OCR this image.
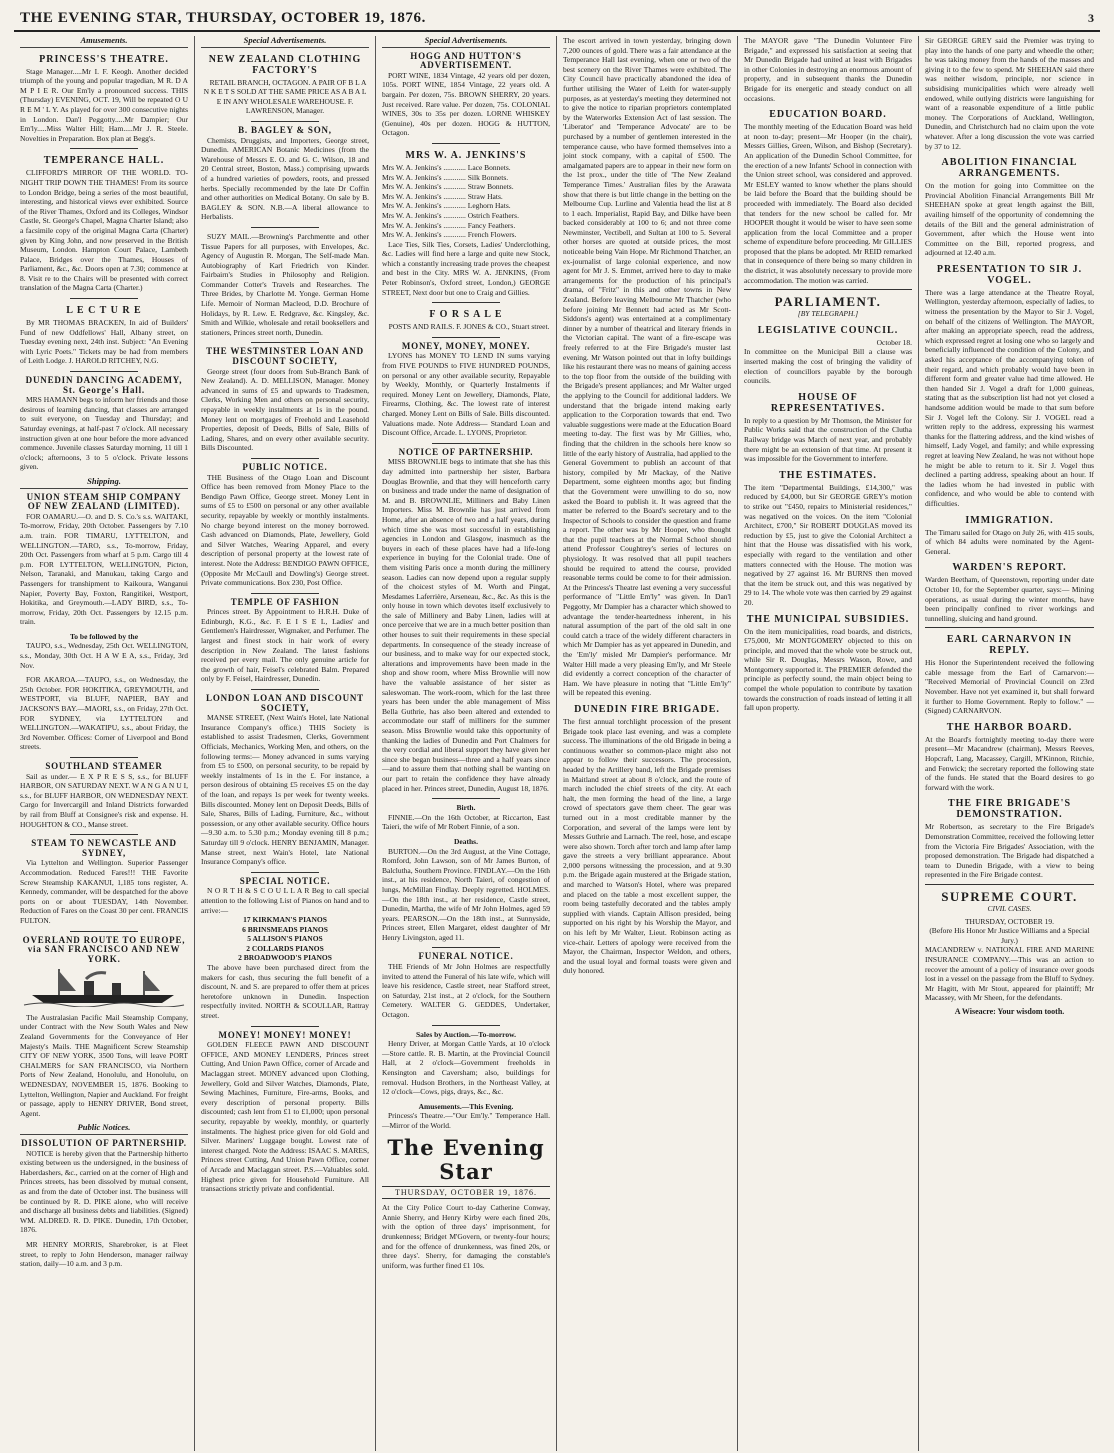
THE EVENING STAR, THURSDAY, OCTOBER 19, 1876.	3
Amusements.
PRINCESS'S THEATRE.

Stage Manager.....Mr I. F. Keogh. Another decided triumph of the young and popular tragedian, M R. D A M P I E R. Our Em'ly a pronounced success. THIS (Thursday) EVENING, OCT. 19, Will be repeated O U R E M ' L Y. As played for over 300 consecutive nights in London. Dan'l Peggotty.....Mr Dampier; Our Em'ly.....Miss Walter Hill; Ham.....Mr J. R. Steele. Novelties in Preparation. Box plan at Begg's.

TEMPERANCE HALL.

CLIFFORD'S MIRROR OF THE WORLD. TO-NIGHT TRIP DOWN THE THAMES! From its source to London Bridge, being a series of the most beautiful, interesting, and historical views ever exhibited. Source of the River Thames, Oxford and its Colleges, Windsor Castle, St. George's Chapel, Magna Charter Island; also a facsimile copy of the original Magna Carta (Charter) given by King John, and now preserved in the British Museum, London. Hampton Court Palace, Lambeth Palace, Bridges over the Thames, Houses of Parliament, &c., &c. Doors open at 7.30; commence at 8. Visit re to the Chairs will be presented with correct translation of the Magna Carta (Charter.)

L E C T U R E

By MR THOMAS BRACKEN, In aid of Builders' Fund of new Oddfellows' Hall, Albany street, on Tuesday evening next, 24th inst. Subject: "An Evening with Lyric Poets." Tickets may be had from members of Leith Lodge. J. HAROLD RITCHEY, N.G.

DUNEDIN DANCING ACADEMY, St. George's Hall.

MRS HAMANN begs to inform her friends and those desirous of learning dancing, that classes are arranged to suit everyone, on Tuesday and Thursday; and Saturday evenings, at half-past 7 o'clock. All necessary instruction given at one hour before the more advanced commence. Juvenile classes Saturday morning, 11 till 1 o'clock; afternoons, 3 to 5 o'clock. Private lessons given.

Shipping.
UNION STEAM SHIP COMPANY OF NEW ZEALAND (LIMITED).

FOR OAMARU.—O. and D. S. Co.'s s.s. WAITAKI, To-morrow, Friday, 20th October. Passengers by 7.10 a.m. train. FOR TIMARU, LYTTELTON, and WELLINGTON.—TARO, s.s., To-morrow, Friday, 20th Oct. Passengers from wharf at 5 p.m. Cargo till 4 p.m. FOR LYTTELTON, WELLINGTON, Picton, Nelson, Taranaki, and Manukau, taking Cargo and Passengers for transhipment to Kaikoura, Wanganui Napier, Poverty Bay, Foxton, Rangitikei, Westport, Hokitika, and Greymouth.—LADY BIRD, s.s., To-morrow, Friday, 20th Oct. Passengers by 12.15 p.m. train.

To be followed by the

TAUPO, s.s., Wednesday, 25th Oct. WELLINGTON, s.s., Monday, 30th Oct. H A W E A, s.s., Friday, 3rd Nov.

FOR AKAROA.—TAUPO, s.s., on Wednesday, the 25th October. FOR HOKITIKA, GREYMOUTH, and WESTPORT, via BLUFF, NAPIER, BAY and JACKSON'S BAY.—MAORI, s.s., on Friday, 27th Oct. FOR SYDNEY, via LYTTELTON and WELLINGTON.—WAKATIPU, s.s., about Friday, the 3rd November. Offices: Corner of Liverpool and Bond streets.

SOUTHLAND STEAMER

Sail as under.— E X P R E S S, s.s., for BLUFF HARBOR, ON SATURDAY NEXT. W A N G A N U I, s.s., for BLUFF HARBOR, ON WEDNESDAY NEXT. Cargo for Invercargill and Inland Districts forwarded by rail from Bluff at Consignee's risk and expense. H. HOUGHTON & CO., Manse street.

STEAM TO NEWCASTLE AND SYDNEY,

Via Lyttelton and Wellington. Superior Passenger Accommodation. Reduced Fares!!! THE Favorite Screw Steamship KAKANUI, 1,185 tons register, A. Kennedy, commander, will be despatched for the above ports on or about TUESDAY, 14th November. Reduction of Fares on the Coast 30 per cent. FRANCIS FULTON.

OVERLAND ROUTE TO EUROPE, via SAN FRANCISCO AND NEW YORK.

The Australasian Pacific Mail Steamship Company, under Contract with the New South Wales and New Zealand Governments for the Conveyance of Her Majesty's Mails. THE Magnificent Screw Steamship CITY OF NEW YORK, 3500 Tons, will leave PORT CHALMERS for SAN FRANCISCO, via Northern Ports of New Zealand, Honolulu, and Honolulu, on WEDNESDAY, NOVEMBER 15, 1876. Booking to Lyttelton, Wellington, Napier and Auckland. For freight or passage, apply to HENRY DRIVER, Bond street, Agent.

Public Notices.
DISSOLUTION OF PARTNERSHIP.

NOTICE is hereby given that the Partnership hitherto existing between us the undersigned, in the business of Haberdashers, &c., carried on at the corner of High and Princes streets, has been dissolved by mutual consent, as and from the date of October inst. The business will be continued by R. D. PIKE alone, who will receive and discharge all business debts and liabilities. (Signed) WM. ALDRED. R. D. PIKE. Dunedin, 17th October, 1876.

MR HENRY MORRIS, Sharebroker, is at Fleet street, to reply to John Henderson, manager railway station, daily—10 a.m. and 3 p.m.

Special Advertisements.
NEW ZEALAND CLOTHING FACTORY'S

RETAIL BRANCH, OCTAGON. A PAIR OF B L A N K E T S SOLD AT THE SAME PRICE AS A B A L E IN ANY WHOLESALE WAREHOUSE. F. LAWRENSON, Manager.

B. BAGLEY & SON,

Chemists, Druggists, and Importers, George street, Dunedin. AMERICAN Botanic Medicines (from the Warehouse of Messrs E. O. and G. C. Wilson, 18 and 20 Central street, Boston, Mass.) comprising upwards of a hundred varieties of powders, roots, and pressed herbs. Specially recommended by the late Dr Coffin and other authorities on Medical Botany. On sale by B. BAGLEY & SON. N.B.—A liberal allowance to Herbalists.

SUZY MAIL.—Browning's Parchmentte and other Tissue Papers for all purposes, with Envelopes, &c. Agency of Augustin R. Morgan, The Self-made Man. Autobiography of Karl Friedrich von Kinder. Fairbairn's Studies in Philosophy and Religion. Commander Cotter's Travels and Researches. The Three Brides, by Charlotte M. Yonge. German Home Life. Memoir of Norman Macleod, D.D. Brochure of Holidays, by R. Lew. E. Redgrave, &c. Kingsley, &c. Smith and Wilkie, wholesale and retail booksellers and stationers, Princes street north, Dunedin.

THE WESTMINSTER LOAN AND DISCOUNT SOCIETY,

George street (four doors from Sub-Branch Bank of New Zealand). A. D. MELLISON, Manager. Money advanced in sums of £5 and upwards to Tradesmen, Clerks, Working Men and others on personal security, repayable in weekly instalments at 1s in the pound. Money lent on mortgages of Freehold and Leasehold Properties, deposit of Deeds, Bills of Sale, Bills of Lading, Shares, and on every other available security. Bills Discounted.

PUBLIC NOTICE.

THE Business of the Otago Loan and Discount Office has been removed from Money Place to the Bendigo Pawn Office, George street. Money Lent in sums of £5 to £500 on personal or any other available security, repayable by weekly or monthly instalments. No charge beyond interest on the money borrowed. Cash advanced on Diamonds, Plate, Jewellery, Gold and Silver Watches, Wearing Apparel, and every description of personal property at the lowest rate of interest. Note the Address: BENDIGO PAWN OFFICE, (Opposite Mr McCaull and Dowling's) George street. Private communications. Box 230, Post Office.

TEMPLE OF FASHION

Princes street. By Appointment to H.R.H. Duke of Edinburgh, K.G., &c. F. E I S E L, Ladies' and Gentlemen's Hairdresser, Wigmaker, and Perfumer. The largest and finest stock in hair work of every description in New Zealand. The latest fashions received per every mail. The only genuine article for the growth of hair, Feisel's celebrated Balm. Prepared only by F. Feisel, Hairdresser, Dunedin.

LONDON LOAN AND DISCOUNT SOCIETY,

MANSE STREET, (Next Wain's Hotel, late National Insurance Company's office.) THIS Society is established to assist Tradesmen, Clerks, Government Officials, Mechanics, Working Men, and others, on the following terms:— Money advanced in sums varying from £5 to £500, on personal security, to be repaid by weekly instalments of 1s in the £. For instance, a person desirous of obtaining £5 receives £5 on the day of the loan, and repays 1s per week for twenty weeks. Bills discounted. Money lent on Deposit Deeds, Bills of Sale, Shares, Bills of Lading, Furniture, &c., without possession, or any other available security. Office hours—9.30 a.m. to 5.30 p.m.; Monday evening till 8 p.m.; Saturday till 9 o'clock. HENRY BENJAMIN, Manager. Manse street, next Wain's Hotel, late National Insurance Company's office.

SPECIAL NOTICE.

N O R T H & S C O U L L A R Beg to call special attention to the following List of Pianos on hand and to arrive:—

17 KIRKMAN'S PIANOS
6 BRINSMEADS PIANOS
5 ALLISON'S PIANOS
2 COLLARDS PIANOS
2 BROADWOOD'S PIANOS

The above have been purchased direct from the makers for cash, thus securing the full benefit of a discount, N. and S. are prepared to offer them at prices heretofore unknown in Dunedin. Inspection respectfully invited. NORTH & SCOULLAR, Rattray street.

MONEY! MONEY! MONEY!

GOLDEN FLEECE PAWN AND DISCOUNT OFFICE, AND MONEY LENDERS, Princes street Cutting, And Union Pawn Office, corner of Arcade and Maclaggan street. MONEY advanced upon Clothing, Jewellery, Gold and Silver Watches, Diamonds, Plate, Sewing Machines, Furniture, Fire-arms, Books, and every description of personal property. Bills discounted; cash lent from £1 to £1,000; upon personal security, repayable by weekly, monthly, or quarterly instalments. The highest price given for old Gold and Silver. Mariners' Luggage bought. Lowest rate of interest charged. Note the Address: ISAAC S. MARES, Princes street Cutting, And Union Pawn Office, corner of Arcade and Maclaggan street. P.S.—Valuables sold. Highest price given for Household Furniture. All transactions strictly private and confidential.

Special Advertisements.
HOGG AND HUTTON'S ADVERTISEMENT.

PORT WINE, 1834 Vintage, 42 years old per dozen, 105s. PORT WINE, 1854 Vintage, 22 years old. A bargain. Per dozen, 75s. BROWN SHERRY, 20 years. Just received. Rare value. Per dozen, 75s. COLONIAL WINES, 30s to 35s per dozen. LORNE WHISKEY (Genuine), 40s per dozen. HOGG & HUTTON, Octagon.

MRS W. A. JENKINS'S
Mrs W. A. Jenkins's ............ Lace Bonnets.
Mrs W. A. Jenkins's ............ Silk Bonnets.
Mrs W. A. Jenkins's ............ Straw Bonnets.
Mrs W. A. Jenkins's ............ Straw Hats.
Mrs W. A. Jenkins's ............ Leghorn Hats.
Mrs W. A. Jenkins's ............ Ostrich Feathers.
Mrs W. A. Jenkins's ............ Fancy Feathers.
Mrs W. A. Jenkins's ............ French Flowers.

Lace Ties, Silk Ties, Corsets, Ladies' Underclothing, &c. Ladies will find here a large and quite new Stock, which a constantly increasing trade proves the cheapest and best in the City. MRS W. A. JENKINS, (From Peter Robinson's, Oxford street, London,) GEORGE STREET, Next door but one to Craig and Gillies.

F O R S A L E

POSTS AND RAILS. F. JONES & CO., Stuart street.

MONEY, MONEY, MONEY.

LYONS has MONEY TO LEND IN sums varying from FIVE POUNDS to FIVE HUNDRED POUNDS, on personal or any other available security, Repayable by Weekly, Monthly, or Quarterly Instalments if required. Money Lent on Jewellery, Diamonds, Plate, Firearms, Clothing, &c. The lowest rate of interest charged. Money Lent on Bills of Sale. Bills discounted. Valuations made. Note Address— Standard Loan and Discount Office, Arcade. L. LYONS, Proprietor.

NOTICE OF PARTNERSHIP.

MISS BROWNLIE begs to intimate that she has this day admitted into partnership her sister, Barbara Douglas Brownlie, and that they will henceforth carry on business and trade under the name of designation of M. and B. BROWNLIE, Milliners and Baby Linen Importers. Miss M. Brownlie has just arrived from Home, after an absence of two and a half years, during which time she was most successful in establishing agencies in London and Glasgow, inasmuch as the buyers in each of these places have had a life-long experience in buying for the Colonial trade. One of them visiting Paris once a month during the millinery season. Ladies can now depend upon a regular supply of the choicest styles of M. Worth and Pingat, Mesdames Laferrière, Arseneau, &c., &c. As this is the only house in town which devotes itself exclusively to the sale of Millinery and Baby Linen, ladies will at once perceive that we are in a much better position than other houses to suit their requirements in these special departments. In consequence of the steady increase of our business, and to make way for our expected stock, alterations and improvements have been made in the shop and show room, where Miss Brownlie will now have the valuable assistance of her sister as saleswoman. The work-room, which for the last three years has been under the able management of Miss Bella Guthrie, has also been altered and extended to accommodate our staff of milliners for the summer season. Miss Brownlie would take this opportunity of thanking the ladies of Dunedin and Port Chalmers for the very cordial and liberal support they have given her since she began business—three and a half years since—and to assure them that nothing shall be wanting on our part to retain the confidence they have already placed in her. Princes street, Dunedin, August 18, 1876.

Birth.

FINNIE.—On the 16th October, at Riccarton, East Taieri, the wife of Mr Robert Finnie, of a son.

Deaths.

BURTON.—On the 3rd August, at the Vine Cottage, Romford, John Lawson, son of Mr James Burton, of Balclutha, Southern Province. FINDLAY.—On the 16th inst., at his residence, North Taieri, of congestion of lungs, McMillan Findlay. Deeply regretted. HOLMES.—On the 18th inst., at her residence, Castle street, Dunedin, Martha, the wife of Mr John Holmes, aged 59 years. PEARSON.—On the 18th inst., at Sunnyside, Princes street, Ellen Margaret, eldest daughter of Mr Henry Livingston, aged 11.

FUNERAL NOTICE.

THE Friends of Mr John Holmes are respectfully invited to attend the Funeral of his late wife, which will leave his residence, Castle street, near Stafford street, on Saturday, 21st inst., at 2 o'clock, for the Southern Cemetery. WALTER G. GEDDES, Undertaker, Octagon.

Sales by Auction.—To-morrow.

Henry Driver, at Morgan Cattle Yards, at 10 o'clock—Store cattle. R. B. Martin, at the Provincial Council Hall, at 2 o'clock—Government freeholds in Kensington and Caversham; also, buildings for removal. Hudson Brothers, in the Northeast Valley, at 12 o'clock—Cows, pigs, drays, &c., &c.

Amusements.—This Evening.

Princess's Theatre.—"Our Em'ly." Temperance Hall.—Mirror of the World.

The Evening Star
THURSDAY, OCTOBER 19, 1876.

At the City Police Court to-day Catherine Conway, Annie Sherry, and Henry Kirby were each fined 20s, with the option of three days' imprisonment, for drunkenness; Bridget M'Govern, or twenty-four hours; and for the offence of drunkenness, was fined 20s, or three days'. Sherry, for damaging the constable's uniform, was further fined £1 10s.

The escort arrived in town yesterday, bringing down 7,200 ounces of gold. There was a fair attendance at the Temperance Hall last evening, when one or two of the best scenery on the River Thames were exhibited. The City Council have practically abandoned the idea of further utilising the Water of Leith for water-supply purposes, as at yesterday's meeting they determined not to give the notice to riparian proprietors contemplated by the Waterworks Extension Act of last session. The 'Liberator' and 'Temperance Advocate' are to be purchased by a number of gentlemen interested in the temperance cause, who have formed themselves into a joint stock company, with a capital of £500. The amalgamated papers are to appear in their new form on the 1st prox., under the title of 'The New Zealand Temperance Times.' Australian files by the Arawata show that there is but little change in the betting on the Melbourne Cup. Lurline and Valentia head the list at 8 to 1 each. Imperialist, Rapid Bay, and Dilke have been backed considerably at 100 to 6; and not three come Newminster, Vectibell, and Sultan at 100 to 5. Several other horses are quoted at outside prices, the most noticeable being Vain Hope. Mr Richmond Thatcher, an ex-journalist of large colonial experience, and now agent for Mr J. S. Emmet, arrived here to day to make arrangements for the production of his principal's drama, of "Fritz" in this and other towns in New Zealand. Before leaving Melbourne Mr Thatcher (who before joining Mr Bennett had acted as Mr Scott-Siddons's agent) was entertained at a complimentary dinner by a number of theatrical and literary friends in the Victorian capital. The want of a fire-escape was freely referred to at the Fire Brigade's muster last evening. Mr Watson pointed out that in lofty buildings like his restaurant there was no means of gaining access to the top floor from the outside of the building with the Brigade's present appliances; and Mr Walter urged the applying to the Council for additional ladders. We understand that the brigade intend making early application to the Corporation towards that end. Two valuable suggestions were made at the Education Board meeting to-day. The first was by Mr Gillies, who, finding that the children in the schools here know so little of the early history of Australia, had applied to the General Government to publish an account of that history, compiled by Mr Mackay, of the Native Department, some eighteen months ago; but finding that the Government were unwilling to do so, now asked the Board to publish it. It was agreed that the matter be referred to the Board's secretary and to the Inspector of Schools to consider the question and frame a report. The other was by Mr Hooper, who thought that the pupil teachers at the Normal School should attend Professor Coughtrey's series of lectures on physiology. It was resolved that all pupil teachers should be required to attend the course, provided reasonable terms could be come to for their admission. At the Princess's Theatre last evening a very successful performance of "Little Em'ly" was given. In Dan'l Peggotty, Mr Dampier has a character which showed to advantage the tender-heartedness inherent, in his natural assumption of the part of the old salt in one could catch a trace of the widely different characters in which Mr Dampier has as yet appeared in Dunedin, and the 'Em'ly' misled Mr Dampier's performance. Mr Walter Hill made a very pleasing Em'ly, and Mr Steele did evidently a correct conception of the character of Ham. We have pleasure in noting that "Little Em'ly" will be repeated this evening.

DUNEDIN FIRE BRIGADE.

The first annual torchlight procession of the present Brigade took place last evening, and was a complete success. The illuminations of the old Brigade in being a continuous weather so common-place might also not appear to follow their successors. The procession, headed by the Artillery band, left the Brigade premises in Maitland street at about 8 o'clock, and the route of march included the chief streets of the city. At each halt, the men forming the head of the line, a large crowd of spectators gave them cheer. The gear was turned out in a most creditable manner by the Corporation, and several of the lamps were lent by Messrs Guthrie and Larnach. The reel, hose, and escape were also shown. Torch after torch and lamp after lamp gave the streets a very brilliant appearance. About 2,000 persons witnessing the procession, and at 9.30 p.m. the Brigade again mustered at the Brigade station, and marched to Watson's Hotel, where was prepared and placed on the table a most excellent supper, the room being tastefully decorated and the tables amply supplied with viands. Captain Allison presided, being supported on his right by his Worship the Mayor, and on his left by Mr Walter, Lieut. Robinson acting as vice-chair. Letters of apology were received from the Mayor, the Chairman, Inspector Weldon, and others, and the usual loyal and formal toasts were given and duly honored.

The MAYOR gave "The Dunedin Volunteer Fire Brigade," and expressed his satisfaction at seeing that Mr Dunedin Brigade had united at least with Brigades in other Colonies in destroying an enormous amount of property, and in subsequent thanks the Dunedin Brigade for its energetic and steady conduct on all occasions.

EDUCATION BOARD.

The monthly meeting of the Education Board was held at noon to-day; present—Mr Hooper (in the chair), Messrs Gillies, Green, Wilson, and Bishop (Secretary). An application of the Dunedin School Committee, for the erection of a new Infants' School in connection with the Union street school, was considered and approved. Mr ESLEY wanted to know whether the plans should be laid before the Board that the building should be proceeded with immediately. The Board also decided that tenders for the new school be called for. Mr HOOPER thought it would be wiser to have seen some application from the local Committee and a proper scheme of expenditure before proceeding. Mr GILLIES proposed that the plans be adopted. Mr REID remarked that in consequence of there being so many children in the district, it was absolutely necessary to provide more accommodation. The motion was carried.

PARLIAMENT.
[BY TELEGRAPH.]
LEGISLATIVE COUNCIL.
October 18.

In committee on the Municipal Bill a clause was inserted making the cost of bringing the validity of election of councillors payable by the borough councils.

HOUSE OF REPRESENTATIVES.

In reply to a question by Mr Thomson, the Minister for Public Works said that the construction of the Clutha Railway bridge was March of next year, and probably there might be an extension of that time. At present it was impossible for the Government to interfere.

THE ESTIMATES.

The item "Departmental Buildings, £14,300," was reduced by £4,000, but Sir GEORGE GREY's motion to strike out "£450, repairs to Ministerial residences," was negatived on the voices. On the item "Colonial Architect, £700," Sir ROBERT DOUGLAS moved its reduction by £5, just to give the Colonial Architect a hint that the House was dissatisfied with his work, especially with regard to the ventilation and other matters connected with the House. The motion was negatived by 27 against 16. Mr BURNS then moved that the item be struck out, and this was negatived by 29 to 14. The whole vote was then carried by 29 against 20.

THE MUNICIPAL SUBSIDIES.

On the item municipalities, road boards, and districts, £75,000, Mr MONTGOMERY objected to this on principle, and moved that the whole vote be struck out, while Sir R. Douglas, Messrs Wason, Rowe, and Montgomery supported it. The PREMIER defended the principle as perfectly sound, the main object being to compel the whole population to contribute by taxation towards the construction of roads instead of letting it all fall upon property.

Sir GEORGE GREY said the Premier was trying to play into the hands of one party and wheedle the other; he was taking money from the hands of the masses and giving it to the few to spend. Mr SHEEHAN said there was neither wisdom, principle, nor science in subsidising municipalities which were already well endowed, while outlying districts were languishing for want of a reasonable expenditure of a little public money. The Corporations of Auckland, Wellington, Dunedin, and Christchurch had no claim upon the vote whatever. After a long discussion the vote was carried by 37 to 12.

ABOLITION FINANCIAL ARRANGEMENTS.

On the motion for going into Committee on the Provincial Abolition Financial Arrangements Bill Mr SHEEHAN spoke at great length against the Bill, availing himself of the opportunity of condemning the details of the Bill and the general administration of Government, after which the House went into Committee on the Bill, reported progress, and adjourned at 12.40 a.m.

PRESENTATION TO SIR J. VOGEL.

There was a large attendance at the Theatre Royal, Wellington, yesterday afternoon, especially of ladies, to witness the presentation by the Mayor to Sir J. Vogel, on behalf of the citizens of Wellington. The MAYOR, after making an appropriate speech, read the address, which expressed regret at losing one who so largely and beneficially influenced the condition of the Colony, and asked his acceptance of the accompanying token of their regard, and which probably would have been in different form and greater value had time allowed. He then handed Sir J. Vogel a draft for 1,000 guineas, stating that as the subscription list had not yet closed a handsome addition would be made to that sum before Sir J. Vogel left the Colony. Sir J. VOGEL read a written reply to the address, expressing his warmest thanks for the flattering address, and the kind wishes of himself, Lady Vogel, and family; and while expressing regret at leaving New Zealand, he was not without hope he might be able to return to it. Sir J. Vogel thus declined a parting address, speaking about an hour. If the ladies whom he had invested in public with confidence, and who would be able to contend with difficulties.

IMMIGRATION.

The Timaru sailed for Otago on July 26, with 415 souls, of which 84 adults were nominated by the Agent-General.

WARDEN'S REPORT.

Warden Beetham, of Queenstown, reporting under date October 10, for the September quarter, says:— Mining operations, as usual during the winter months, have been principally confined to river workings and tunnelling, sluicing and hand ground.

EARL CARNARVON IN REPLY.

His Honor the Superintendent received the following cable message from the Earl of Carnarvon:— "Received Memorial of Provincial Council on 23rd November. Have not yet examined it, but shall forward it further to Home Government. Reply to follow." —(Signed) CARNARVON.

THE HARBOR BOARD.

At the Board's fortnightly meeting to-day there were present—Mr Macandrew (chairman), Messrs Reeves, Hopcraft, Lang, Macassey, Cargill, M'Kinnon, Ritchie, and Fenwick; the secretary reported the following state of the funds. He stated that the Board desires to go forward with the work.

THE FIRE BRIGADE'S DEMONSTRATION.

Mr Robertson, as secretary to the Fire Brigade's Demonstration Committee, received the following letter from the Victoria Fire Brigades' Association, with the proposed demonstration. The Brigade had dispatched a team to Dunedin Brigade, with a view to being represented in the Fire Brigade contest.

SUPREME COURT.
CIVIL CASES.
THURSDAY, OCTOBER 19.
(Before His Honor Mr Justice Williams and a Special Jury.)

MACANDREW v. NATIONAL FIRE AND MARINE INSURANCE COMPANY.—This was an action to recover the amount of a policy of insurance over goods lost in a vessel on the passage from the Bluff to Sydney. Mr Hagitt, with Mr Stout, appeared for plaintiff; Mr Macassey, with Mr Sheen, for the defendants.

A Wiseacre: Your wisdom tooth.
